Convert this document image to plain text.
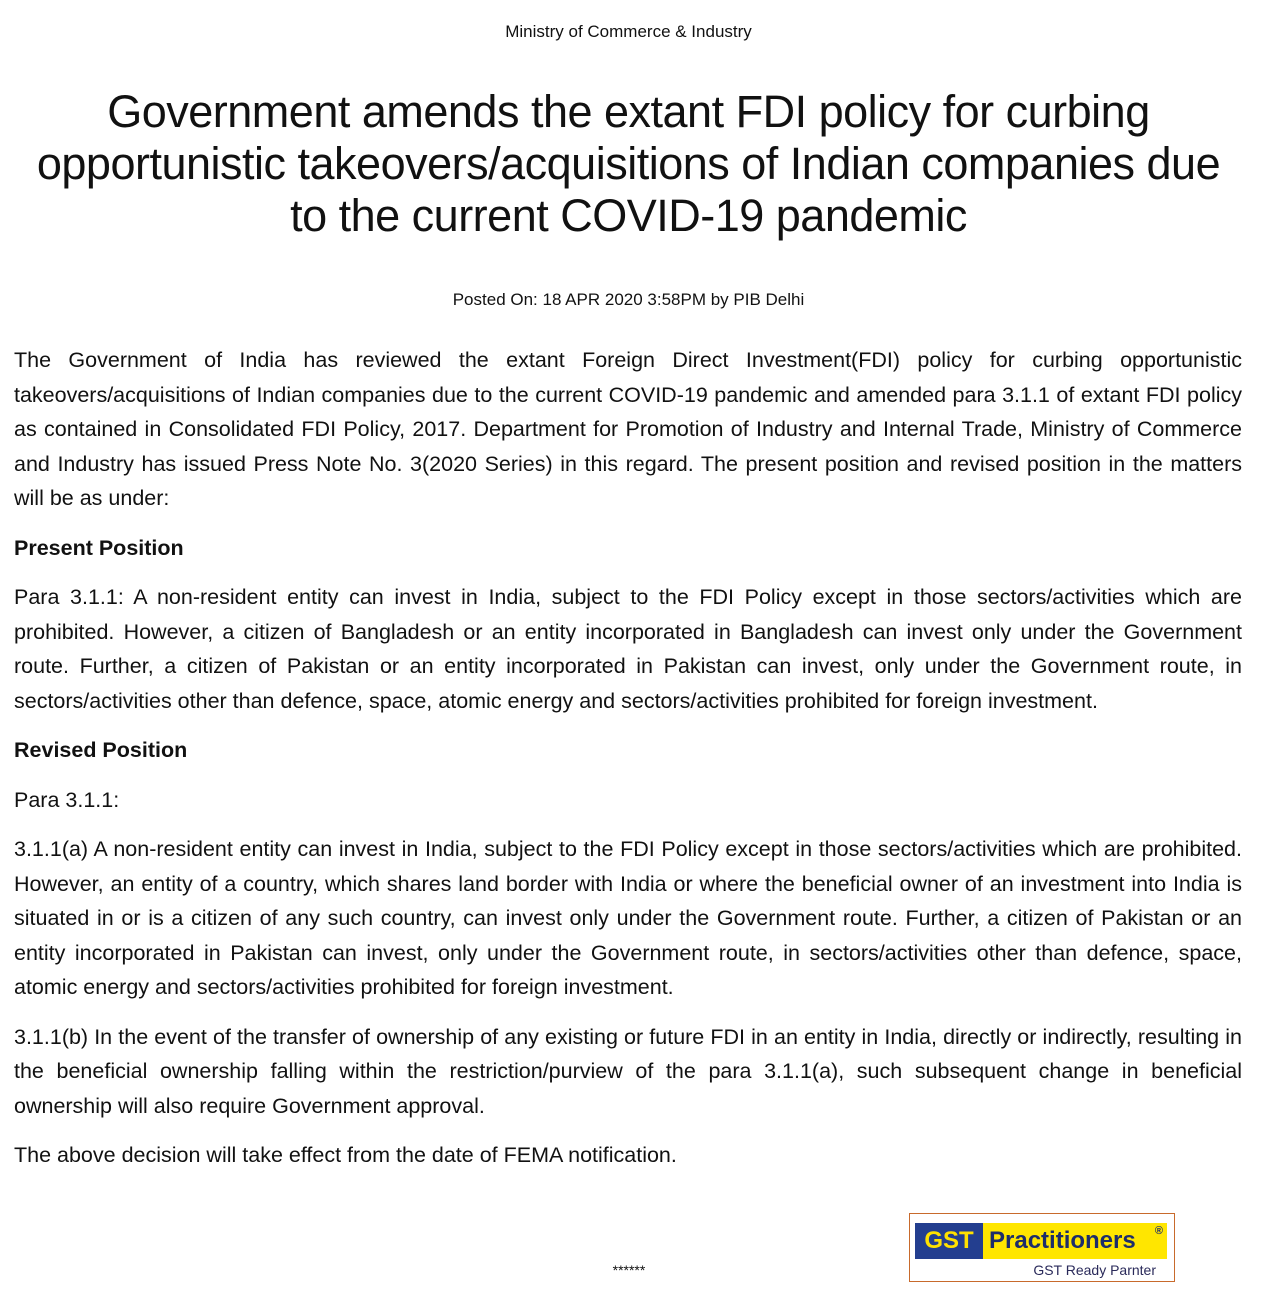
Ministry of Commerce & Industry
Government amends the extant FDI policy for curbing opportunistic takeovers/acquisitions of Indian companies due to the current COVID-19 pandemic
Posted On: 18 APR 2020 3:58PM by PIB Delhi

The Government of India has reviewed the extant Foreign Direct Investment(FDI) policy for curbing opportunistic takeovers/acquisitions of Indian companies due to the current COVID-19 pandemic and amended para 3.1.1 of extant FDI policy as contained in Consolidated FDI Policy, 2017. Department for Promotion of Industry and Internal Trade, Ministry of Commerce and Industry has issued Press Note No. 3(2020 Series) in this regard. The present position and revised position in the matters will be as under:

Present Position

Para 3.1.1: A non-resident entity can invest in India, subject to the FDI Policy except in those sectors/activities which are prohibited. However, a citizen of Bangladesh or an entity incorporated in Bangladesh can invest only under the Government route. Further, a citizen of Pakistan or an entity incorporated in Pakistan can invest, only under the Government route, in sectors/activities other than defence, space, atomic energy and sectors/activities prohibited for foreign investment.

Revised Position

Para 3.1.1:

3.1.1(a) A non-resident entity can invest in India, subject to the FDI Policy except in those sectors/activities which are prohibited. However, an entity of a country, which shares land border with India or where the beneficial owner of an investment into India is situated in or is a citizen of any such country, can invest only under the Government route. Further, a citizen of Pakistan or an entity incorporated in Pakistan can invest, only under the Government route, in sectors/activities other than defence, space, atomic energy and sectors/activities prohibited for foreign investment.

3.1.1(b) In the event of the transfer of ownership of any existing or future FDI in an entity in India, directly or indirectly, resulting in the beneficial ownership falling within the restriction/purview of the para 3.1.1(a), such subsequent change in beneficial ownership will also require Government approval.

The above decision will take effect from the date of FEMA notification.

******
GST Practitioners ®
GST Ready Parnter
